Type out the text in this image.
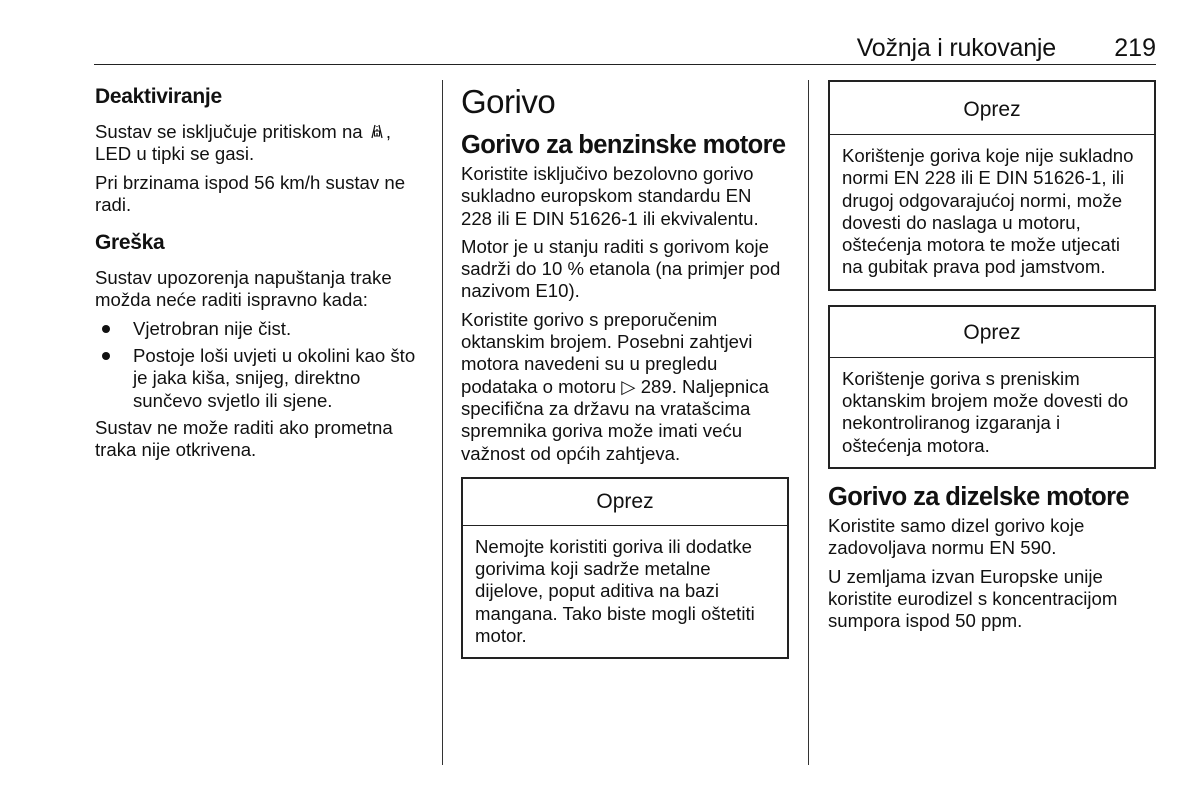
Vožnja i rukovanje 219
Deaktiviranje

Sustav se isključuje pritiskom na ,
LED u tipki se gasi.

Pri brzinama ispod 56 km/h sustav ne radi.

Greška

Sustav upozorenja napuštanja trake možda neće raditi ispravno kada:

Vjetrobran nije čist.
Postoje loši uvjeti u okolini kao što je jaka kiša, snijeg, direktno sunčevo svjetlo ili sjene.

Sustav ne može raditi ako prometna traka nije otkrivena.

Gorivo
Gorivo za benzinske motore

Koristite isključivo bezolovno gorivo sukladno europskom standardu EN 228 ili E DIN 51626-1 ili ekvivalentu.

Motor je u stanju raditi s gorivom koje sadrži do 10 % etanola (na primjer pod nazivom E10).

Koristite gorivo s preporučenim oktanskim brojem. Posebni zahtjevi motora navedeni su u pregledu podataka o motoru ▷ 289. Naljepnica specifična za državu na vratašcima spremnika goriva može imati veću važnost od općih zahtjeva.

Oprez
Nemojte koristiti goriva ili dodatke gorivima koji sadrže metalne dijelove, poput aditiva na bazi mangana. Tako biste mogli oštetiti motor.
Oprez
Korištenje goriva koje nije sukladno normi EN 228 ili E DIN 51626-1, ili drugoj odgovarajućoj normi, može dovesti do naslaga u motoru, oštećenja motora te može utjecati na gubitak prava pod jamstvom.
Oprez
Korištenje goriva s preniskim oktanskim brojem može dovesti do nekontroliranog izgaranja i oštećenja motora.
Gorivo za dizelske motore

Koristite samo dizel gorivo koje zadovoljava normu EN 590.

U zemljama izvan Europske unije koristite eurodizel s koncentracijom sumpora ispod 50 ppm.
